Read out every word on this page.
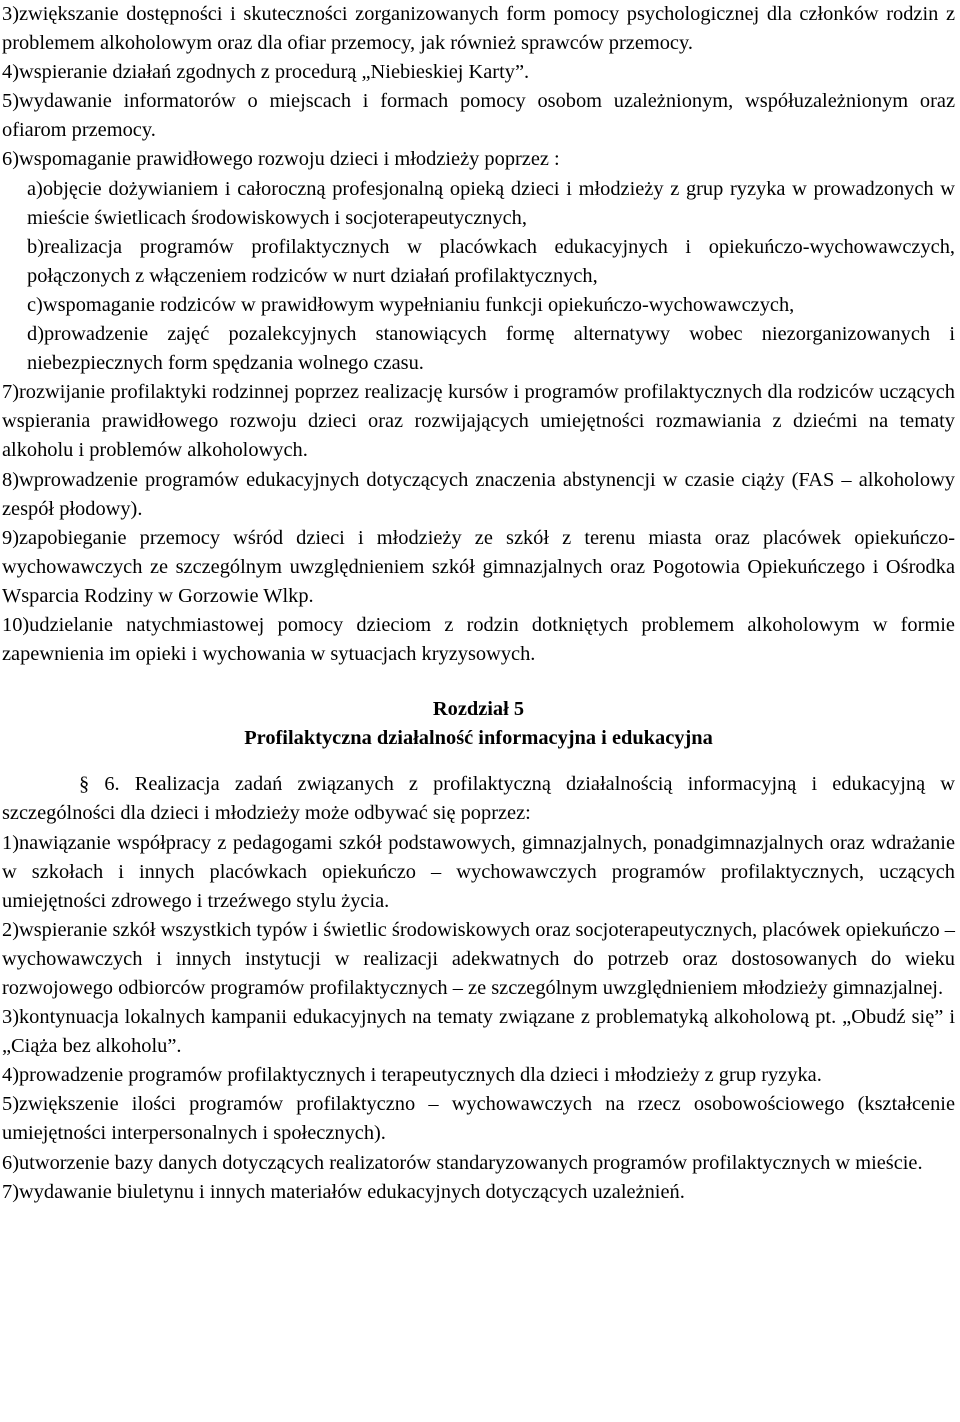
3)zwiększanie dostępności i skuteczności zorganizowanych form pomocy psychologicznej dla członków rodzin z problemem alkoholowym oraz dla ofiar przemocy, jak również sprawców przemocy.

4)wspieranie działań zgodnych z procedurą „Niebieskiej Karty”.

5)wydawanie informatorów o miejscach i formach pomocy osobom uzależnionym, współuzależnionym oraz ofiarom przemocy.

6)wspomaganie prawidłowego rozwoju dzieci i młodzieży poprzez :

a)objęcie dożywianiem i całoroczną profesjonalną opieką dzieci i młodzieży z grup ryzyka w prowadzonych w mieście świetlicach środowiskowych i socjoterapeutycznych,

b)realizacja programów profilaktycznych w placówkach edukacyjnych i opiekuńczo-wychowawczych, połączonych z włączeniem rodziców w nurt działań profilaktycznych,

c)wspomaganie rodziców w prawidłowym wypełnianiu funkcji opiekuńczo-wychowawczych,

d)prowadzenie zajęć pozalekcyjnych stanowiących formę alternatywy wobec niezorganizowanych i niebezpiecznych form spędzania wolnego czasu.

7)rozwijanie profilaktyki rodzinnej poprzez realizację kursów i programów profilaktycznych dla rodziców uczących wspierania prawidłowego rozwoju dzieci oraz rozwijających umiejętności rozmawiania z dziećmi na tematy alkoholu i problemów alkoholowych.

8)wprowadzenie programów edukacyjnych dotyczących znaczenia abstynencji w czasie ciąży (FAS – alkoholowy zespół płodowy).

9)zapobieganie przemocy wśród dzieci i młodzieży ze szkół z terenu miasta oraz placówek opiekuńczo-wychowawczych ze szczególnym uwzględnieniem szkół gimnazjalnych oraz Pogotowia Opiekuńczego i Ośrodka Wsparcia Rodziny w Gorzowie Wlkp.

10)udzielanie natychmiastowej pomocy dzieciom z rodzin dotkniętych problemem alkoholowym w formie zapewnienia im opieki i wychowania w sytuacjach kryzysowych.

Rozdział 5

Profilaktyczna działalność informacyjna i edukacyjna

§ 6. Realizacja zadań związanych z profilaktyczną działalnością informacyjną i edukacyjną w szczególności dla dzieci i młodzieży może odbywać się poprzez:

1)nawiązanie współpracy z pedagogami szkół podstawowych, gimnazjalnych, ponadgimnazjalnych oraz wdrażanie w szkołach i innych placówkach opiekuńczo – wychowawczych programów profilaktycznych, uczących umiejętności zdrowego i trzeźwego stylu życia.

2)wspieranie szkół wszystkich typów i świetlic środowiskowych oraz socjoterapeutycznych, placówek opiekuńczo – wychowawczych i innych instytucji w realizacji adekwatnych do potrzeb oraz dostosowanych do wieku rozwojowego odbiorców programów profilaktycznych – ze szczególnym uwzględnieniem młodzieży gimnazjalnej.

3)kontynuacja lokalnych kampanii edukacyjnych na tematy związane z problematyką alkoholową pt. „Obudź się” i „Ciąża bez alkoholu”.

4)prowadzenie programów profilaktycznych i terapeutycznych dla dzieci i młodzieży z grup ryzyka.

5)zwiększenie ilości programów profilaktyczno – wychowawczych na rzecz osobowościowego (kształcenie umiejętności interpersonalnych i społecznych).

6)utworzenie bazy danych dotyczących realizatorów standaryzowanych programów profilaktycznych w mieście.

7)wydawanie biuletynu i innych materiałów edukacyjnych dotyczących uzależnień.
